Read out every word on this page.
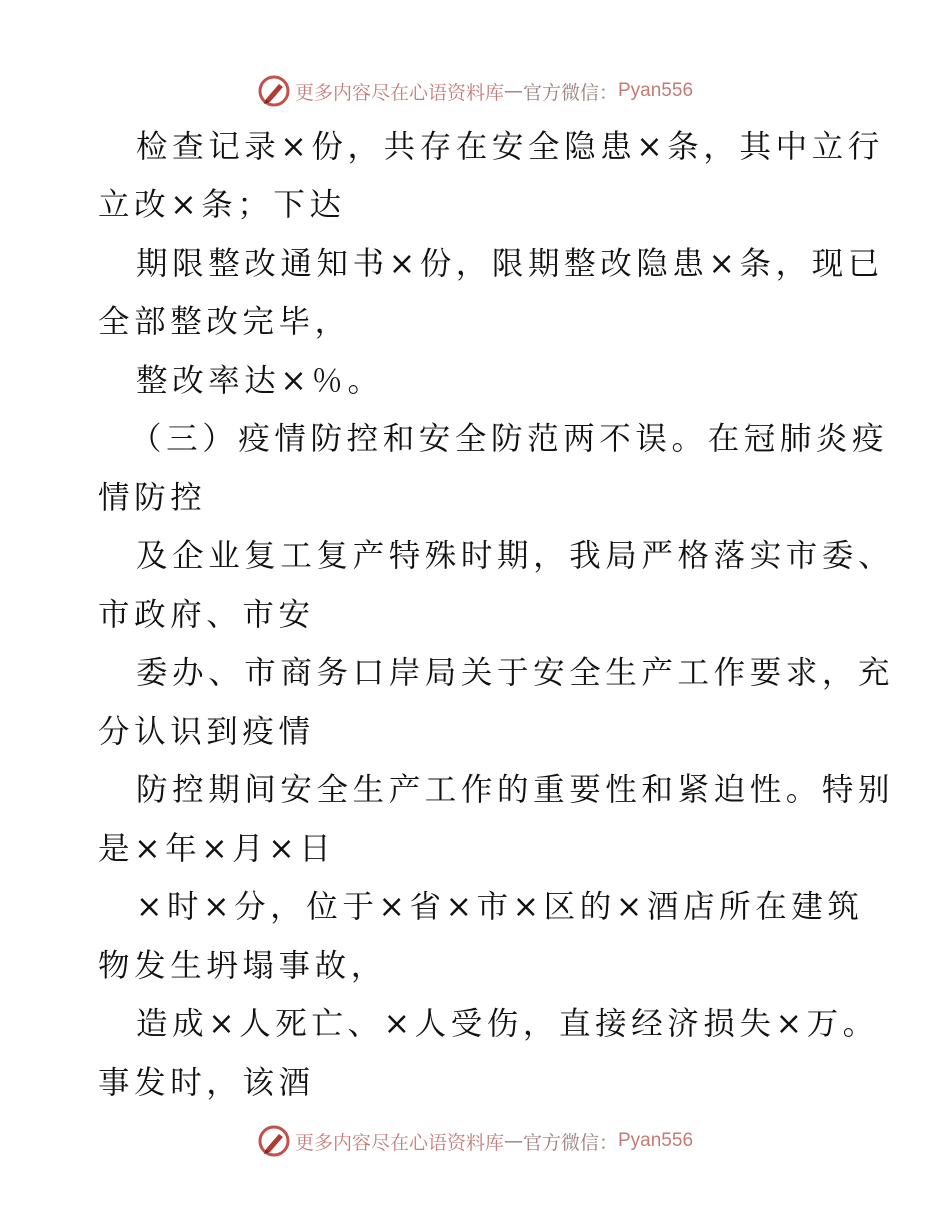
更多内容尽在心语资料库 — 官方微信： Pyan556
检查记录×份，共存在安全隐患×条，其中立行
立改×条；下达
期限整改通知书×份，限期整改隐患×条，现已
全部整改完毕，
整改率达×％。
（三）疫情防控和安全防范两不误。在冠肺炎疫
情防控
及企业复工复产特殊时期，我局严格落实市委、
市政府、市安
委办、市商务口岸局关于安全生产工作要求，充
分认识到疫情
防控期间安全生产工作的重要性和紧迫性。特别
是×年×月×日
×时×分，位于×省×市×区的×酒店所在建筑
物发生坍塌事故，
造成×人死亡、×人受伤，直接经济损失×万。
事发时，该酒
更多内容尽在心语资料库 — 官方微信： Pyan556
